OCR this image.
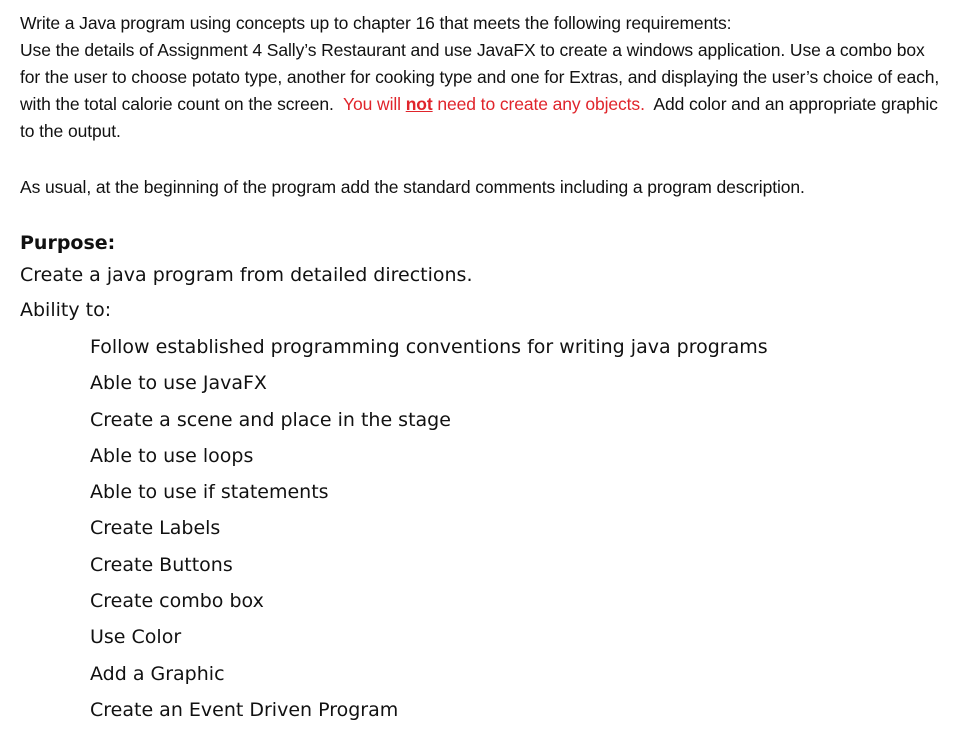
Write a Java program using concepts up to chapter 16 that meets the following requirements:

Use the details of Assignment 4 Sally’s Restaurant and use JavaFX to create a windows application. Use a combo box for the user to choose potato type, another for cooking type and one for Extras, and displaying the user’s choice of each, with the total calorie count on the screen. You will not need to create any objects. Add color and an appropriate graphic to the output.

As usual, at the beginning of the program add the standard comments including a program description.

Purpose:

Create a java program from detailed directions.

Ability to:

Follow established programming conventions for writing java programs
Able to use JavaFX
Create a scene and place in the stage
Able to use loops
Able to use if statements
Create Labels
Create Buttons
Create combo box
Use Color
Add a Graphic
Create an Event Driven Program
